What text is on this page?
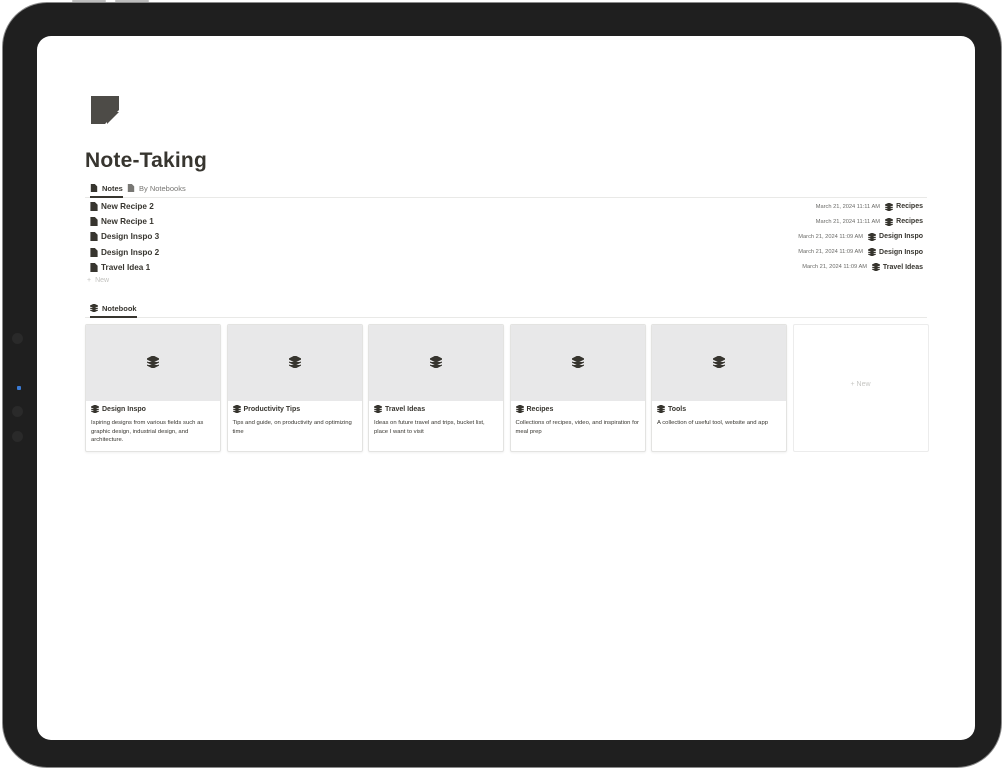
Note-Taking
Notes By Notebooks
New Recipe 2	March 21, 2024 11:11 AM Recipes
New Recipe 1	March 21, 2024 11:11 AM Recipes
Design Inspo 3	March 21, 2024 11:09 AM Design Inspo
Design Inspo 2	March 21, 2024 11:09 AM Design Inspo
Travel Idea 1	March 21, 2024 11:09 AM Travel Ideas
+ New
Notebook
Design Inspo
Ispiring designs from various fields such as graphic design, industrial design, and architecture.
Productivity Tips
Tips and guide, on productivity and optimizing time
Travel Ideas
Ideas on future travel and trips, bucket list, place I want to visit
Recipes
Collections of recipes, video, and inspiration for meal prep
Tools
A collection of useful tool, website and app
+ New
